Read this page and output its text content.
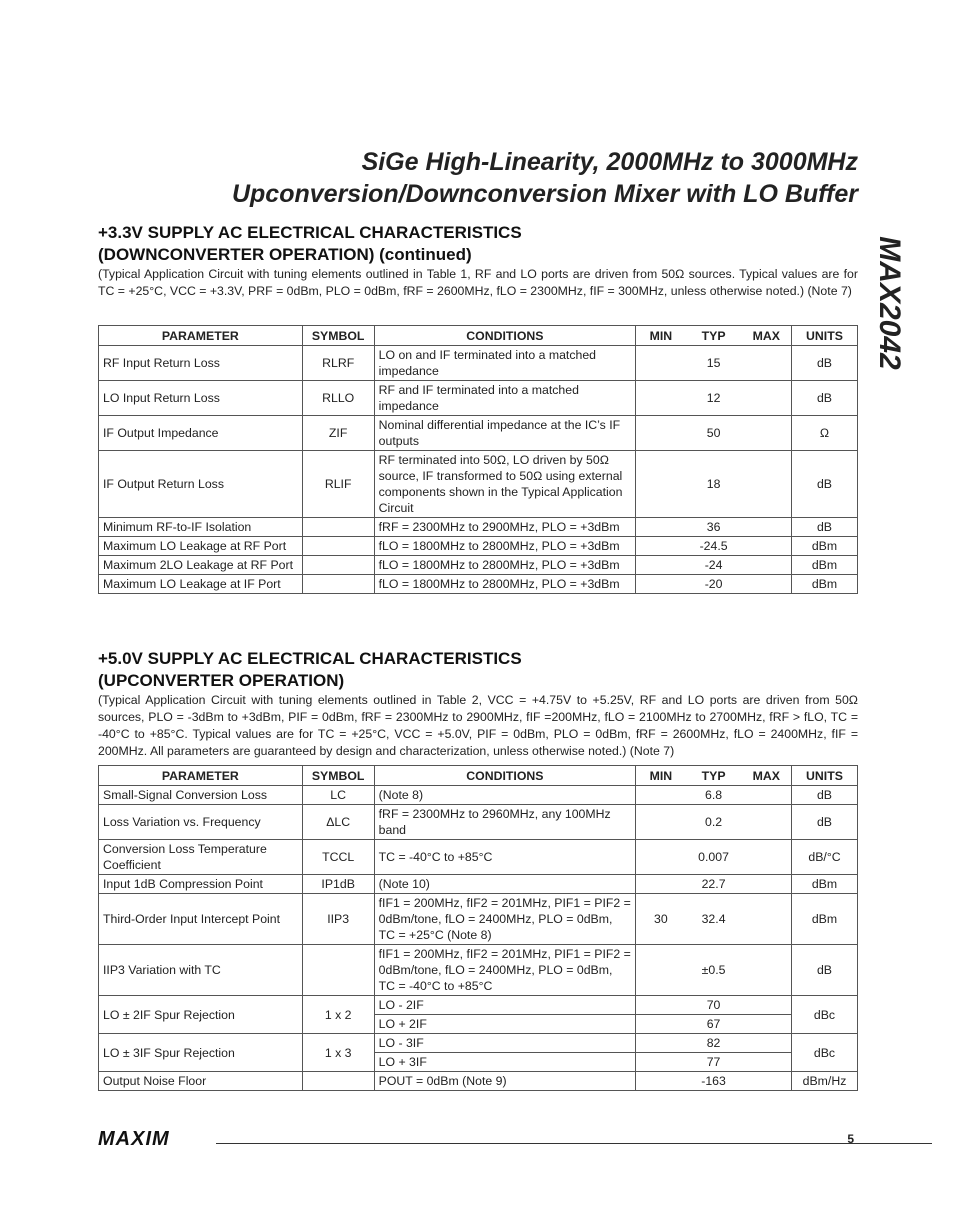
SiGe High-Linearity, 2000MHz to 3000MHz
Upconversion/Downconversion Mixer with LO Buffer
MAX2042
+3.3V SUPPLY AC ELECTRICAL CHARACTERISTICS
(DOWNCONVERTER OPERATION) (continued)
(Typical Application Circuit with tuning elements outlined in Table 1, RF and LO ports are driven from 50Ω sources. Typical values are for TC = +25°C, VCC = +3.3V, PRF = 0dBm, PLO = 0dBm, fRF = 2600MHz, fLO = 2300MHz, fIF = 300MHz, unless otherwise noted.) (Note 7)
PARAMETER	SYMBOL	CONDITIONS	MIN	TYP	MAX	UNITS
RF Input Return Loss	RLRF	LO on and IF terminated into a matched impedance		15		dB
LO Input Return Loss	RLLO	RF and IF terminated into a matched impedance		12		dB
IF Output Impedance	ZIF	Nominal differential impedance at the IC’s IF outputs		50		Ω
IF Output Return Loss	RLIF	RF terminated into 50Ω, LO driven by 50Ω source, IF transformed to 50Ω using external components shown in the Typical Application Circuit		18		dB
Minimum RF-to-IF Isolation		fRF = 2300MHz to 2900MHz, PLO = +3dBm		36		dB
Maximum LO Leakage at RF Port		fLO = 1800MHz to 2800MHz, PLO = +3dBm		-24.5		dBm
Maximum 2LO Leakage at RF Port		fLO = 1800MHz to 2800MHz, PLO = +3dBm		-24		dBm
Maximum LO Leakage at IF Port		fLO = 1800MHz to 2800MHz, PLO = +3dBm		-20		dBm
+5.0V SUPPLY AC ELECTRICAL CHARACTERISTICS
(UPCONVERTER OPERATION)
(Typical Application Circuit with tuning elements outlined in Table 2, VCC = +4.75V to +5.25V, RF and LO ports are driven from 50Ω sources, PLO = -3dBm to +3dBm, PIF = 0dBm, fRF = 2300MHz to 2900MHz, fIF =200MHz, fLO = 2100MHz to 2700MHz, fRF > fLO, TC = -40°C to +85°C. Typical values are for TC = +25°C, VCC = +5.0V, PIF = 0dBm, PLO = 0dBm, fRF = 2600MHz, fLO = 2400MHz, fIF = 200MHz. All parameters are guaranteed by design and characterization, unless otherwise noted.) (Note 7)
PARAMETER	SYMBOL	CONDITIONS	MIN	TYP	MAX	UNITS
Small-Signal Conversion Loss	LC	(Note 8)		6.8		dB
Loss Variation vs. Frequency	ΔLC	fRF = 2300MHz to 2960MHz, any 100MHz band		0.2		dB
Conversion Loss Temperature Coefficient	TCCL	TC = -40°C to +85°C		0.007		dB/°C
Input 1dB Compression Point	IP1dB	(Note 10)		22.7		dBm
Third-Order Input Intercept Point	IIP3	fIF1 = 200MHz, fIF2 = 201MHz, PIF1 = PIF2 = 0dBm/tone, fLO = 2400MHz, PLO = 0dBm, TC = +25°C (Note 8)	30	32.4		dBm
IIP3 Variation with TC		fIF1 = 200MHz, fIF2 = 201MHz, PIF1 = PIF2 = 0dBm/tone, fLO = 2400MHz, PLO = 0dBm, TC = -40°C to +85°C		±0.5		dB
LO ± 2IF Spur Rejection	1 x 2	LO - 2IF		70		dBc
		LO + 2IF		67		
LO ± 3IF Spur Rejection	1 x 3	LO - 3IF		82		dBc
		LO + 3IF		77		
Output Noise Floor		POUT = 0dBm (Note 9)		-163		dBm/Hz
MAXIM	5
